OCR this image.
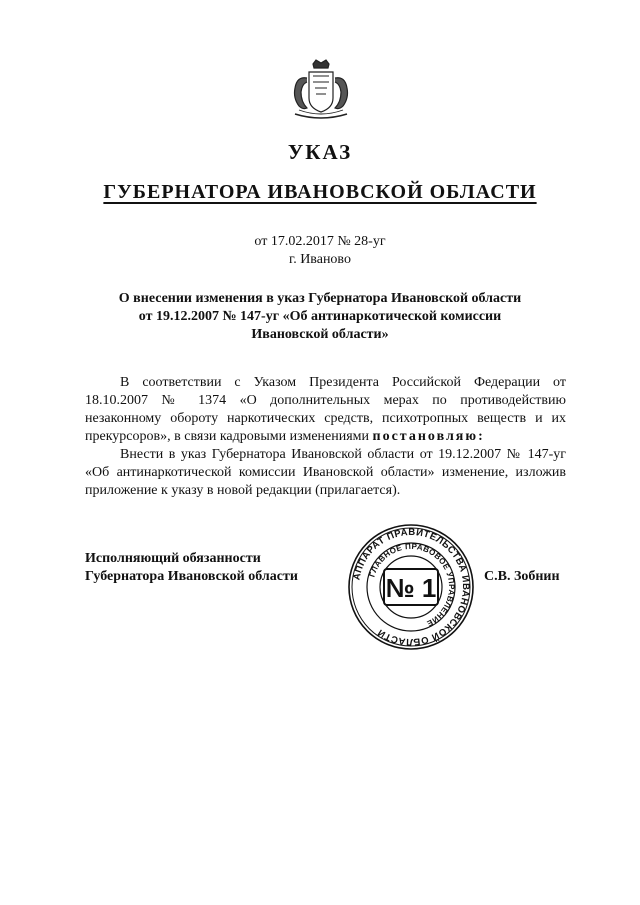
УКАЗ
ГУБЕРНАТОРА ИВАНОВСКОЙ ОБЛАСТИ
от 17.02.2017 № 28-уг
г. Иваново
О внесении изменения в указ Губернатора Ивановской области
от 19.12.2007 № 147-уг «Об антинаркотической комиссии
Ивановской области»

В соответствии с Указом Президента Российской Федерации от 18.10.2007 № 1374 «О дополнительных мерах по противодействию незаконному обороту наркотических средств, психотропных веществ и их прекурсоров», в связи кадровыми изменениями постановляю:

Внести в указ Губернатора Ивановской области от 19.12.2007 № 147-уг «Об антинаркотической комиссии Ивановской области» изменение, изложив приложение к указу в новой редакции (прилагается).

Исполняющий обязанности
Губернатора Ивановской области	С.В. Зобнин
АППАРАТ ПРАВИТЕЛЬСТВА ИВАНОВСКОЙ ОБЛАСТИ
ГЛАВНОЕ ПРАВОВОЕ УПРАВЛЕНИЕ
№ 1
